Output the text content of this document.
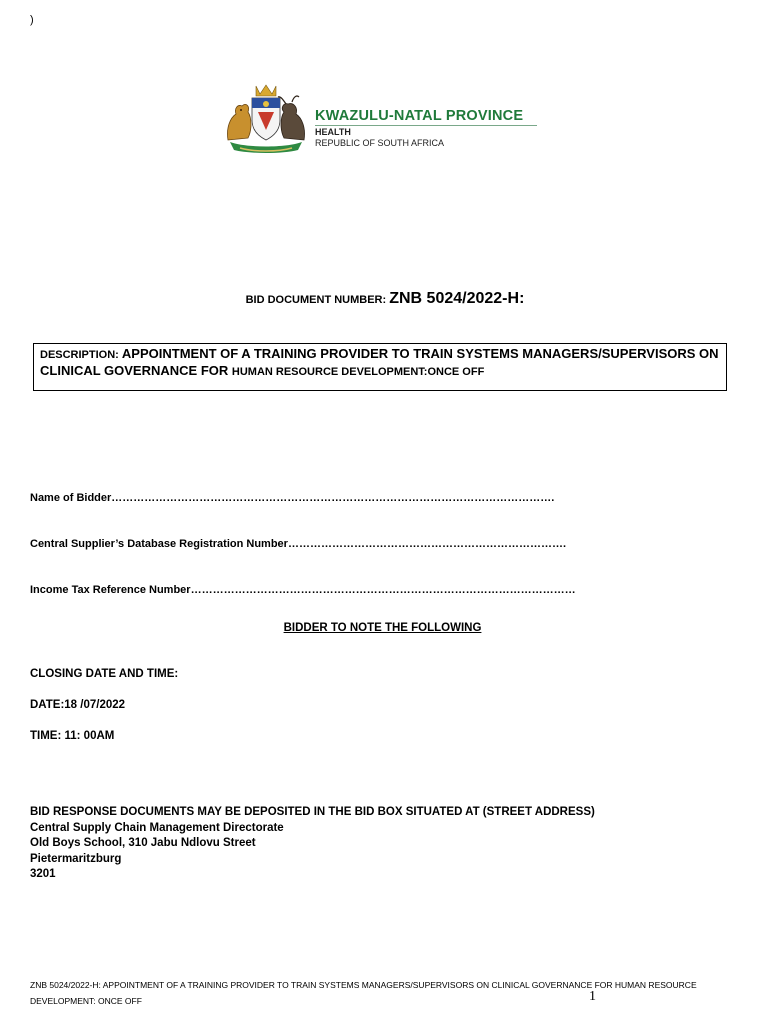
)
KWAZULU-NATAL PROVINCE
HEALTH
REPUBLIC OF SOUTH AFRICA
BID DOCUMENT NUMBER: ZNB 5024/2022-H:
DESCRIPTION: APPOINTMENT OF A TRAINING PROVIDER TO TRAIN SYSTEMS MANAGERS/SUPERVISORS ON CLINICAL GOVERNANCE FOR HUMAN RESOURCE DEVELOPMENT:ONCE OFF
Name of Bidder………………………………………………………………………………………………………….
Central Supplier’s Database Registration Number………………………………………………………………….
Income Tax Reference Number……………………………………………………………………………………………
BIDDER TO NOTE THE FOLLOWING
CLOSING DATE AND TIME:
DATE:18 /07/2022
TIME: 11: 00AM
BID RESPONSE DOCUMENTS MAY BE DEPOSITED IN THE BID BOX SITUATED AT (STREET ADDRESS)
Central Supply Chain Management Directorate
Old Boys School, 310 Jabu Ndlovu Street
Pietermaritzburg
3201
ZNB 5024/2022-H: APPOINTMENT OF A TRAINING PROVIDER TO TRAIN SYSTEMS MANAGERS/SUPERVISORS ON CLINICAL GOVERNANCE FOR HUMAN RESOURCE
DEVELOPMENT: ONCE OFF	1
